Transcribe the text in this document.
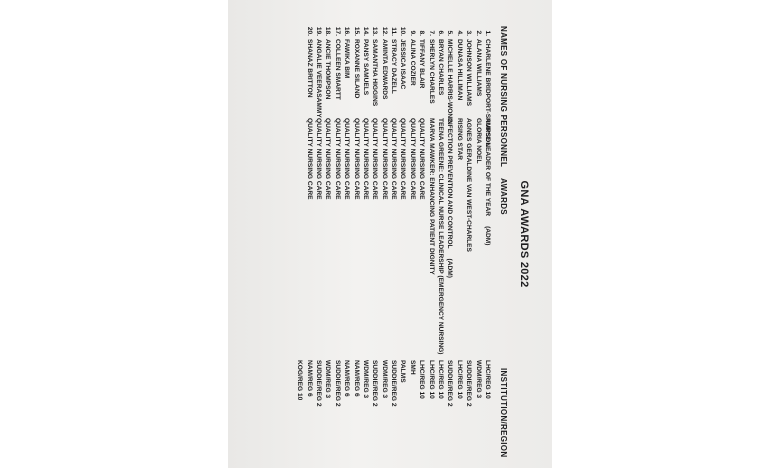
GNA AWARDS 2022
NAMES OF NURSING PERSONNEL
AWARDS
INSTITUTION/REGION
1.CHARLENE BRIDPORT-SAMPSON
2.ALANA WILLIAMS
3.JOHNSON WILLIAMS
4.DUNASA HILLIMAN
5.MICHELLE HARRIS-WONG
6.BRYAN CHARLES
7.SHERLYN CHARLES
8.TIFFANY BLAIR
9.ALINA COZIER
10.JESSICA ISAAC
11.STRACY DAZELL
12.AMINTA EDWARDS
13.SAMANTHA HIGGINS
14.PANSY SAMUELS
15.ROXANNE SILAND
16.FAWIKA BIM
17.COLLEEN SMARTT
18.ANCIE THOMPSON
19.ANGALIE VEERASAMMY
20.SHANAZ BRITTON
NURSE LEADER OF THE YEAR(ADM)
GLORIA NOEL
AGNES GERALDINE VAN WEST-CHARLES
RISING STAR
INFECTION PREVENTION AND CONTROL(ADM)
TEENA GREENE: CLINICAL NURSE LEADERSHIP (EMERGENCY NURSING)
MARVA MAWKER: ENHANCING PATIENT DIGNITY
QUALITY NURSING CARE
QUALITY NURSING CARE
QUALITY NURSING CARE
QUALITY NURSING CARE
QUALITY NURSING CARE
QUALITY NURSING CARE
QUALITY NURSING CARE
QUALITY NURSING CARE
QUALITY NURSING CARE
QUALITY NURSING CARE
QUALITY NURSING CARE
QUALITY NURSING CARE
QUALITY NURSING CARE
LHC/REG 10
WDM/REG 3
SUDDIE/REG 2
LHC/REG 10
SUDDIE/REG 2
LHC/REG 10
LHC/REG 10
LHC/REG 10
SMH
PALMS
SUDDIE/REG 2
WDM/REG 3
SUDDIE/REG 2
WDM/REG 3
NAM/REG 6
NAM/REG 6
SUDDIE/REG 2
WDM/REG 3
SUDDIE/REG 2
NAM/REG 6
KOG/REG 10
